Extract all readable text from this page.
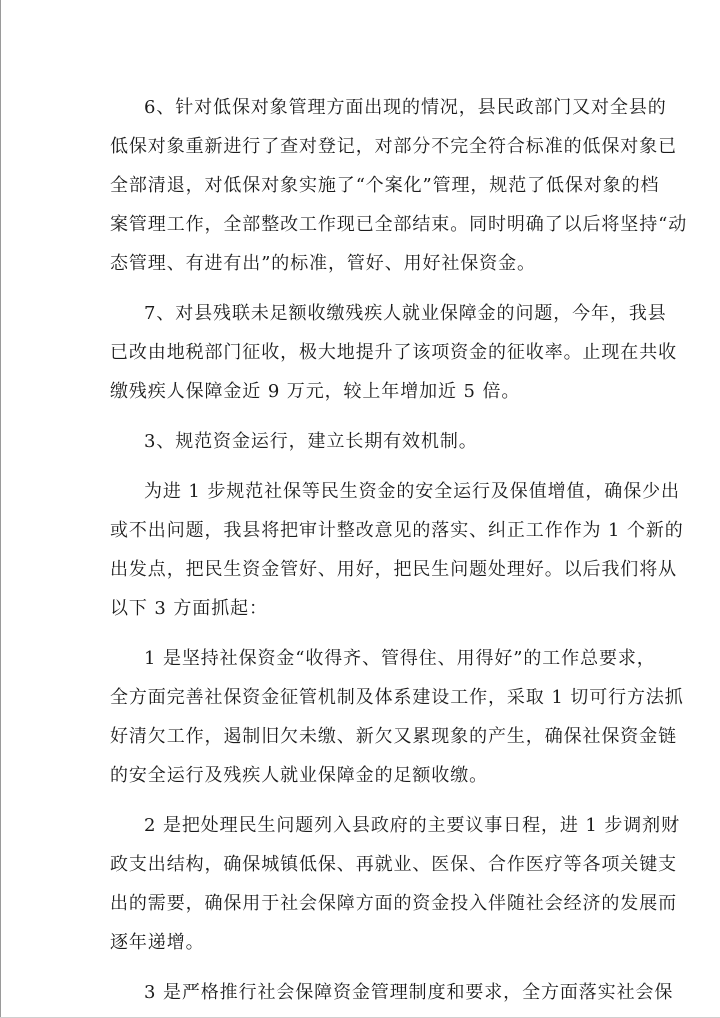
6、针对低保对象管理方面出现的情况，县民政部门又对全县的
低保对象重新进行了查对登记，对部分不完全符合标准的低保对象已
全部清退，对低保对象实施了“个案化”管理，规范了低保对象的档
案管理工作，全部整改工作现已全部结束。同时明确了以后将坚持“动
态管理、有进有出”的标准，管好、用好社保资金。
7、对县残联未足额收缴残疾人就业保障金的问题，今年，我县
已改由地税部门征收，极大地提升了该项资金的征收率。止现在共收
缴残疾人保障金近 9 万元，较上年增加近 5 倍。
3、规范资金运行，建立长期有效机制。
为进 1 步规范社保等民生资金的安全运行及保值增值，确保少出
或不出问题，我县将把审计整改意见的落实、纠正工作作为 1 个新的
出发点，把民生资金管好、用好，把民生问题处理好。以后我们将从
以下 3 方面抓起：
1 是坚持社保资金“收得齐、管得住、用得好”的工作总要求，
全方面完善社保资金征管机制及体系建设工作，采取 1 切可行方法抓
好清欠工作，遏制旧欠未缴、新欠又累现象的产生，确保社保资金链
的安全运行及残疾人就业保障金的足额收缴。
2 是把处理民生问题列入县政府的主要议事日程，进 1 步调剂财
政支出结构，确保城镇低保、再就业、医保、合作医疗等各项关键支
出的需要，确保用于社会保障方面的资金投入伴随社会经济的发展而
逐年递增。
3 是严格推行社会保障资金管理制度和要求，全方面落实社会保
